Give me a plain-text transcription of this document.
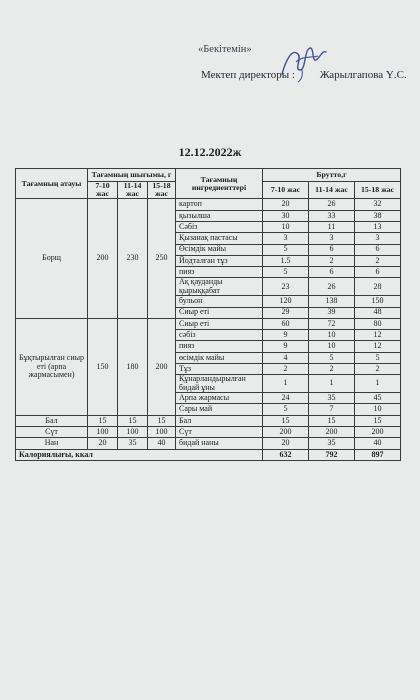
«Бекітемін»
Мектеп директоры : Жарылгапова Ү.С.
12.12.2022ж
Тағамның атауы	Тағамның шығымы, г			Тағамның ингредиенттері	Брутто,г		
	7-10 жас	11-14 жас	15-18 жас		7-10 жас	11-14 жас	15-18 жас
Борщ	200	230	250	картоп	20	26	32
				қызылша	30	33	38
				Сәбіз	10	11	13
				Қызанақ пастасы	3	3	3
				Өсімдік майы	5	6	6
				Йодталған тұз	1.5	2	2
				пияз	5	6	6
				Ақ қауданды қырыққабат	23	26	28
				бульон	120	138	150
				Сиыр еті	29	39	48
Бұқтырылған сиыр еті (арпа жармасымен)	150	180	200	Сиыр еті	60	72	80
				сәбіз	9	10	12
				пияз	9	10	12
				өсімдік майы	4	5	5
				Тұз	2	2	2
				Құнарландырылған бидай ұны	1	1	1
				Арпа жармасы	24	35	45
				Сары май	5	7	10
Бал	15	15	15	Бал	15	15	15
Сүт	100	100	100	Сүт	200	200	200
Нан	20	35	40	бидай наны	20	35	40
Калориялығы, ккал					632	792	897
